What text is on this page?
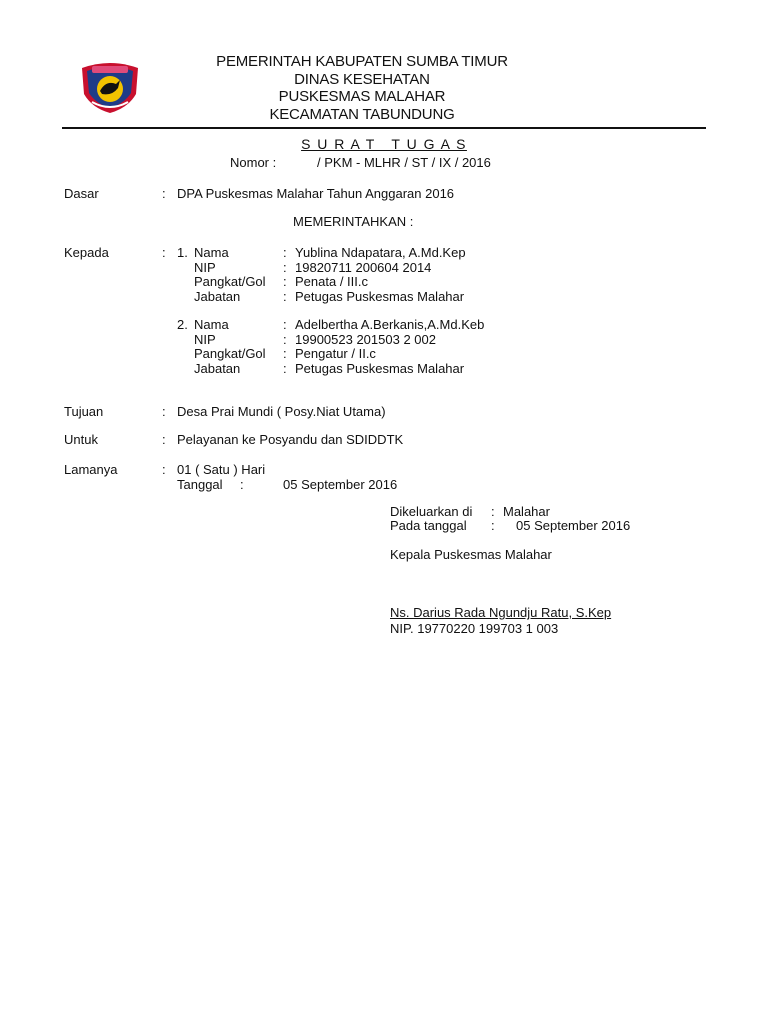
PEMERINTAH KABUPATEN SUMBA TIMUR
DINAS KESEHATAN
PUSKESMAS MALAHAR
KECAMATAN TABUNDUNG
S U R A T   T U G A S
Nomor :	/ PKM - MLHR / ST / IX / 2016
Dasar	: DPA Puskesmas Malahar Tahun Anggaran 2016
MEMERINTAHKAN :
Kepada	: 1. Nama	: Yublina Ndapatara, A.Md.Kep
NIP	: 19820711 200604 2014
Pangkat/Gol : Penata / III.c
Jabatan	: Petugas Puskesmas Malahar
2. Nama	: Adelbertha A.Berkanis,A.Md.Keb
NIP	: 19900523 201503 2 002
Pangkat/Gol : Pengatur / II.c
Jabatan	: Petugas Puskesmas Malahar
Tujuan	: Desa Prai Mundi ( Posy.Niat Utama)
Untuk	: Pelayanan ke Posyandu dan SDIDDTK
Lamanya	: 01 ( Satu ) Hari
Tanggal :	05 September 2016
Dikeluarkan di : Malahar
Pada tanggal : 05 September 2016
Kepala Puskesmas Malahar
Ns. Darius Rada Ngundju Ratu, S.Kep
NIP. 19770220 199703 1 003
